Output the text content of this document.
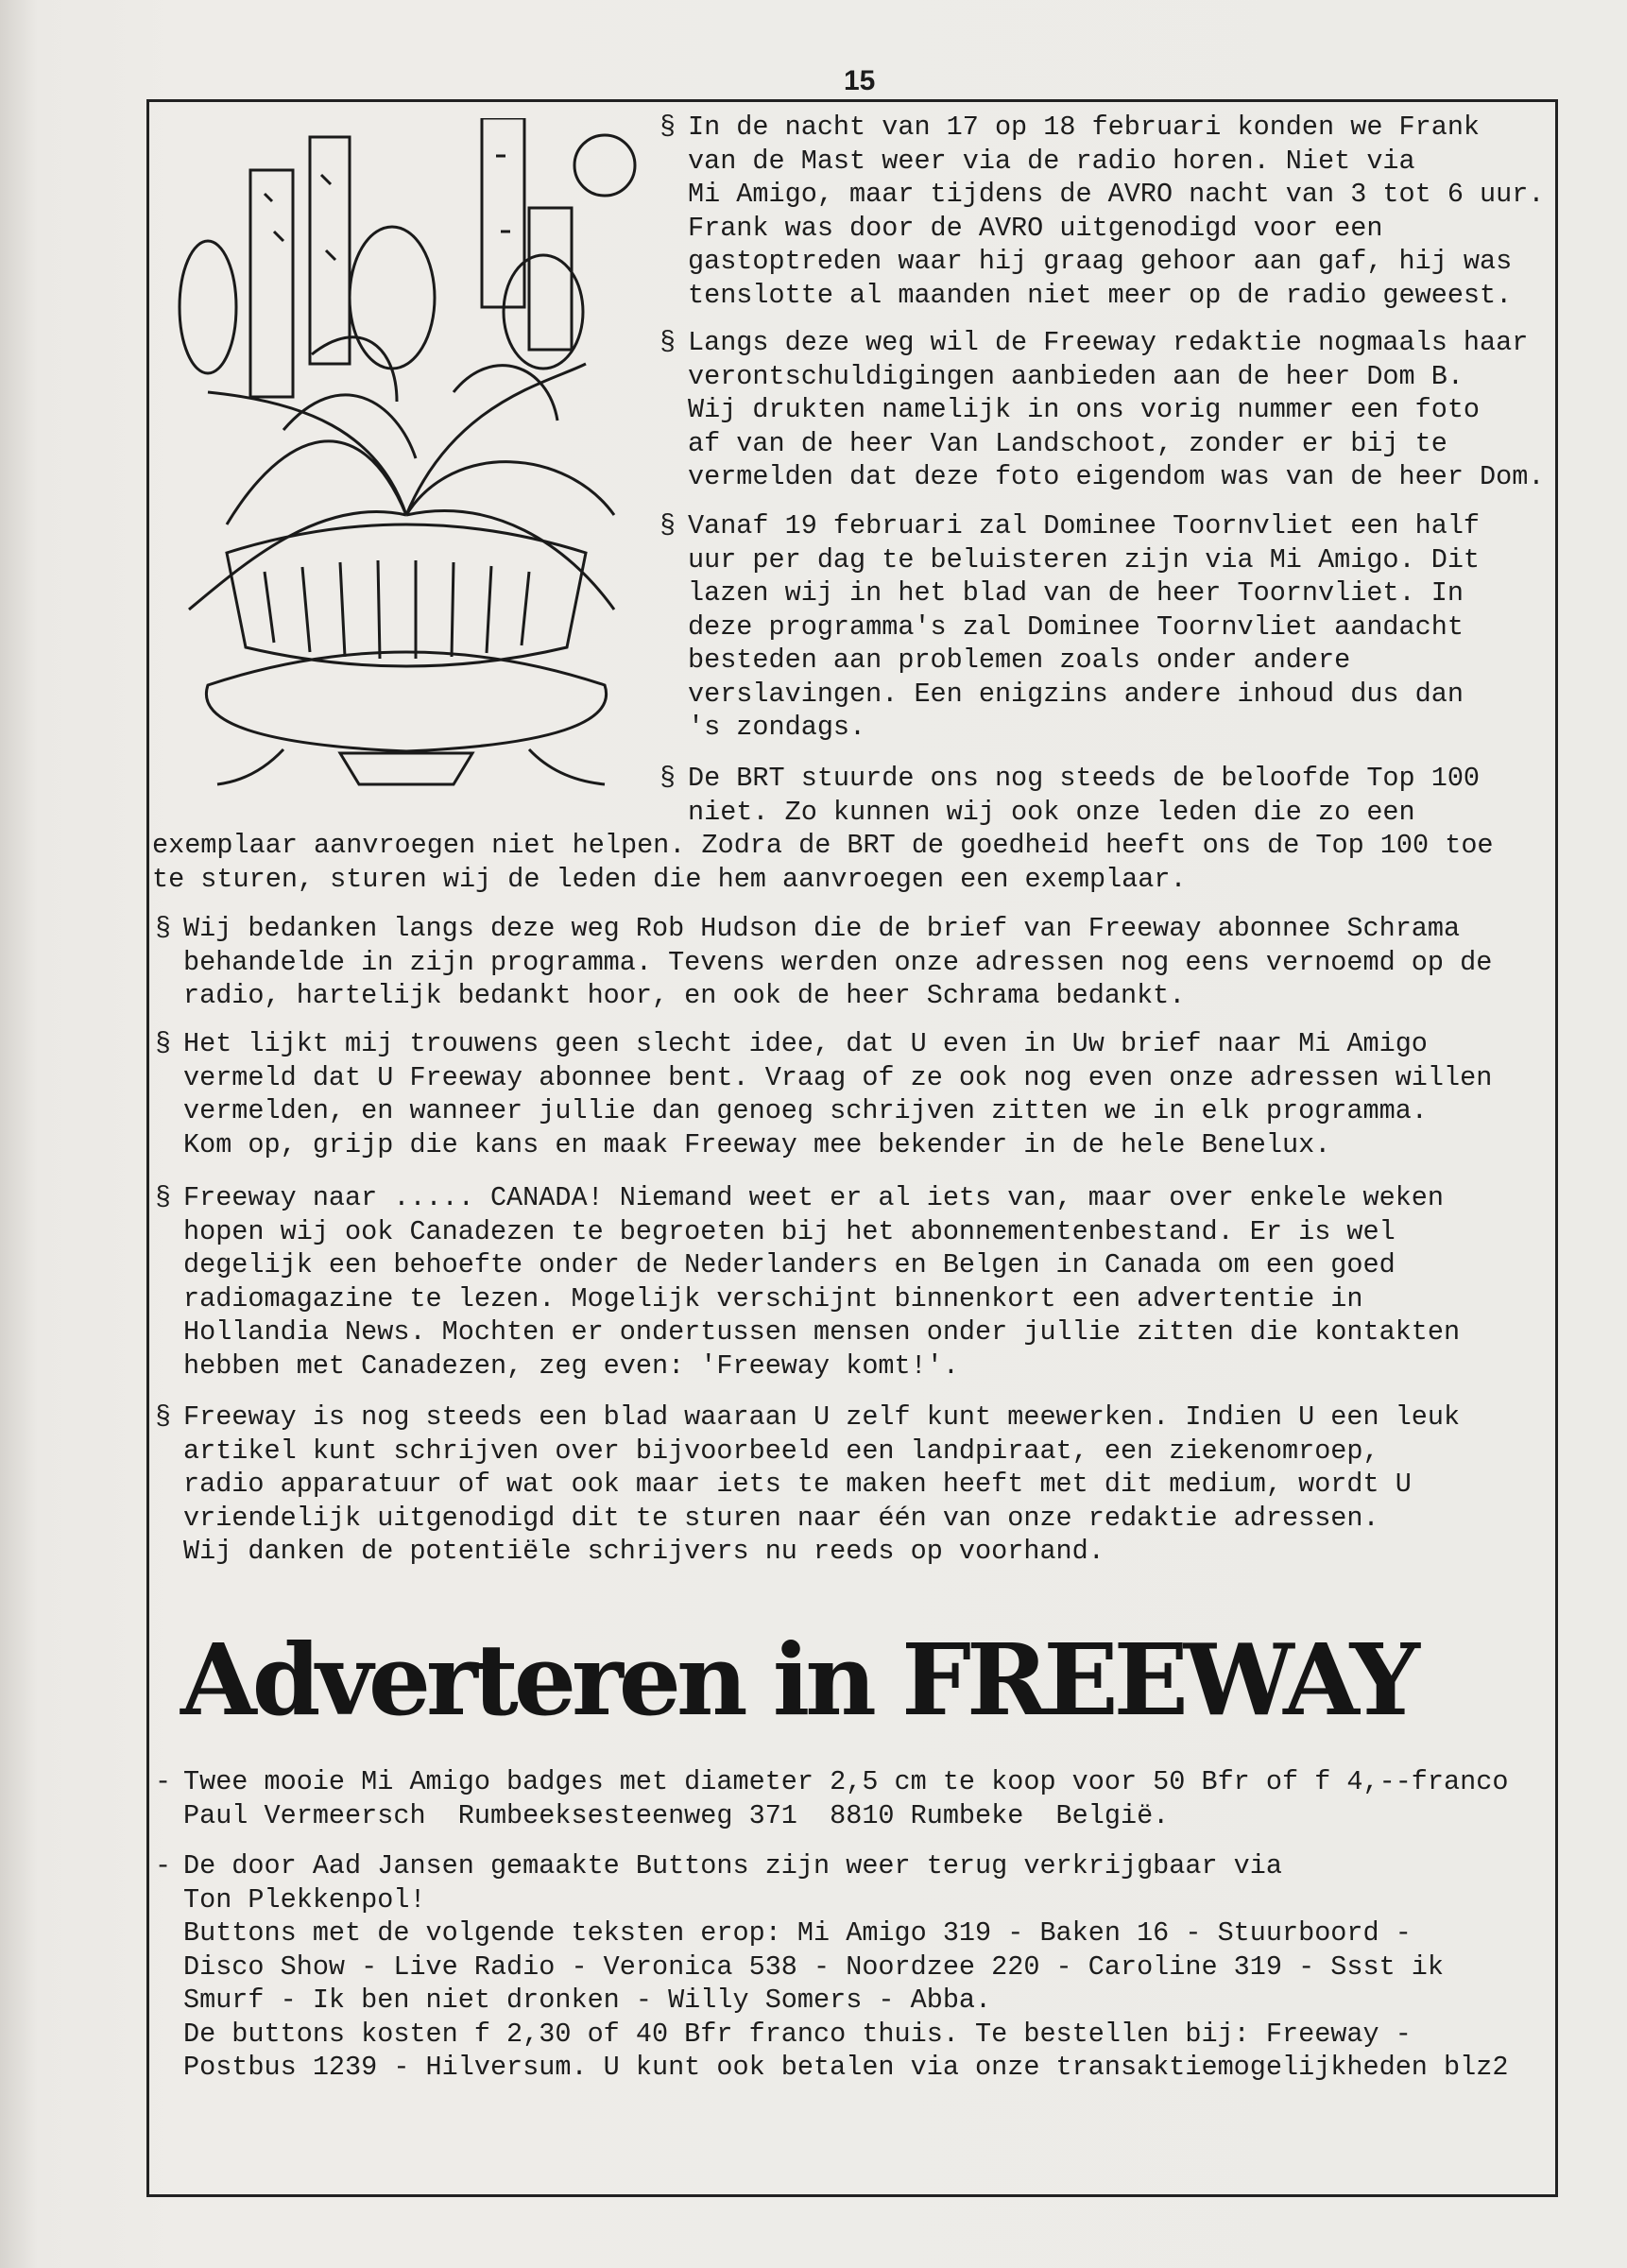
15
§ In de nacht van 17 op 18 februari konden we Frank
van de Mast weer via de radio horen. Niet via
Mi Amigo, maar tijdens de AVRO nacht van 3 tot 6 uur.
Frank was door de AVRO uitgenodigd voor een
gastoptreden waar hij graag gehoor aan gaf, hij was
tenslotte al maanden niet meer op de radio geweest.
§ Langs deze weg wil de Freeway redaktie nogmaals haar
verontschuldigingen aanbieden aan de heer Dom B.
Wij drukten namelijk in ons vorig nummer een foto
af van de heer Van Landschoot, zonder er bij te
vermelden dat deze foto eigendom was van de heer Dom.
§ Vanaf 19 februari zal Dominee Toornvliet een half
uur per dag te beluisteren zijn via Mi Amigo. Dit
lazen wij in het blad van de heer Toornvliet. In
deze programma's zal Dominee Toornvliet aandacht
besteden aan problemen zoals onder andere
verslavingen. Een enigzins andere inhoud dus dan
's zondags.
§ De BRT stuurde ons nog steeds de beloofde Top 100
niet. Zo kunnen wij ook onze leden die zo een
exemplaar aanvroegen niet helpen. Zodra de BRT de goedheid heeft ons de Top 100 toe
te sturen, sturen wij de leden die hem aanvroegen een exemplaar.
§ Wij bedanken langs deze weg Rob Hudson die de brief van Freeway abonnee Schrama
behandelde in zijn programma. Tevens werden onze adressen nog eens vernoemd op de
radio, hartelijk bedankt hoor, en ook de heer Schrama bedankt.
§ Het lijkt mij trouwens geen slecht idee, dat U even in Uw brief naar Mi Amigo
vermeld dat U Freeway abonnee bent. Vraag of ze ook nog even onze adressen willen
vermelden, en wanneer jullie dan genoeg schrijven zitten we in elk programma.
Kom op, grijp die kans en maak Freeway mee bekender in de hele Benelux.
§ Freeway naar ..... CANADA! Niemand weet er al iets van, maar over enkele weken
hopen wij ook Canadezen te begroeten bij het abonnementenbestand. Er is wel
degelijk een behoefte onder de Nederlanders en Belgen in Canada om een goed
radiomagazine te lezen. Mogelijk verschijnt binnenkort een advertentie in
Hollandia News. Mochten er ondertussen mensen onder jullie zitten die kontakten
hebben met Canadezen, zeg even: 'Freeway komt!'.
§ Freeway is nog steeds een blad waaraan U zelf kunt meewerken. Indien U een leuk
artikel kunt schrijven over bijvoorbeeld een landpiraat, een ziekenomroep,
radio apparatuur of wat ook maar iets te maken heeft met dit medium, wordt U
vriendelijk uitgenodigd dit te sturen naar één van onze redaktie adressen.
Wij danken de potentiële schrijvers nu reeds op voorhand.
Adverteren in FREEWAY
- Twee mooie Mi Amigo badges met diameter 2,5 cm te koop voor 50 Bfr of f 4,--franco
Paul Vermeersch  Rumbeeksesteenweg 371  8810 Rumbeke  België.
- De door Aad Jansen gemaakte Buttons zijn weer terug verkrijgbaar via
Ton Plekkenpol!
Buttons met de volgende teksten erop: Mi Amigo 319 - Baken 16 - Stuurboord -
Disco Show - Live Radio - Veronica 538 - Noordzee 220 - Caroline 319 - Ssst ik
Smurf - Ik ben niet dronken - Willy Somers - Abba.
De buttons kosten f 2,30 of 40 Bfr franco thuis. Te bestellen bij: Freeway -
Postbus 1239 - Hilversum. U kunt ook betalen via onze transaktiemogelijkheden blz2
